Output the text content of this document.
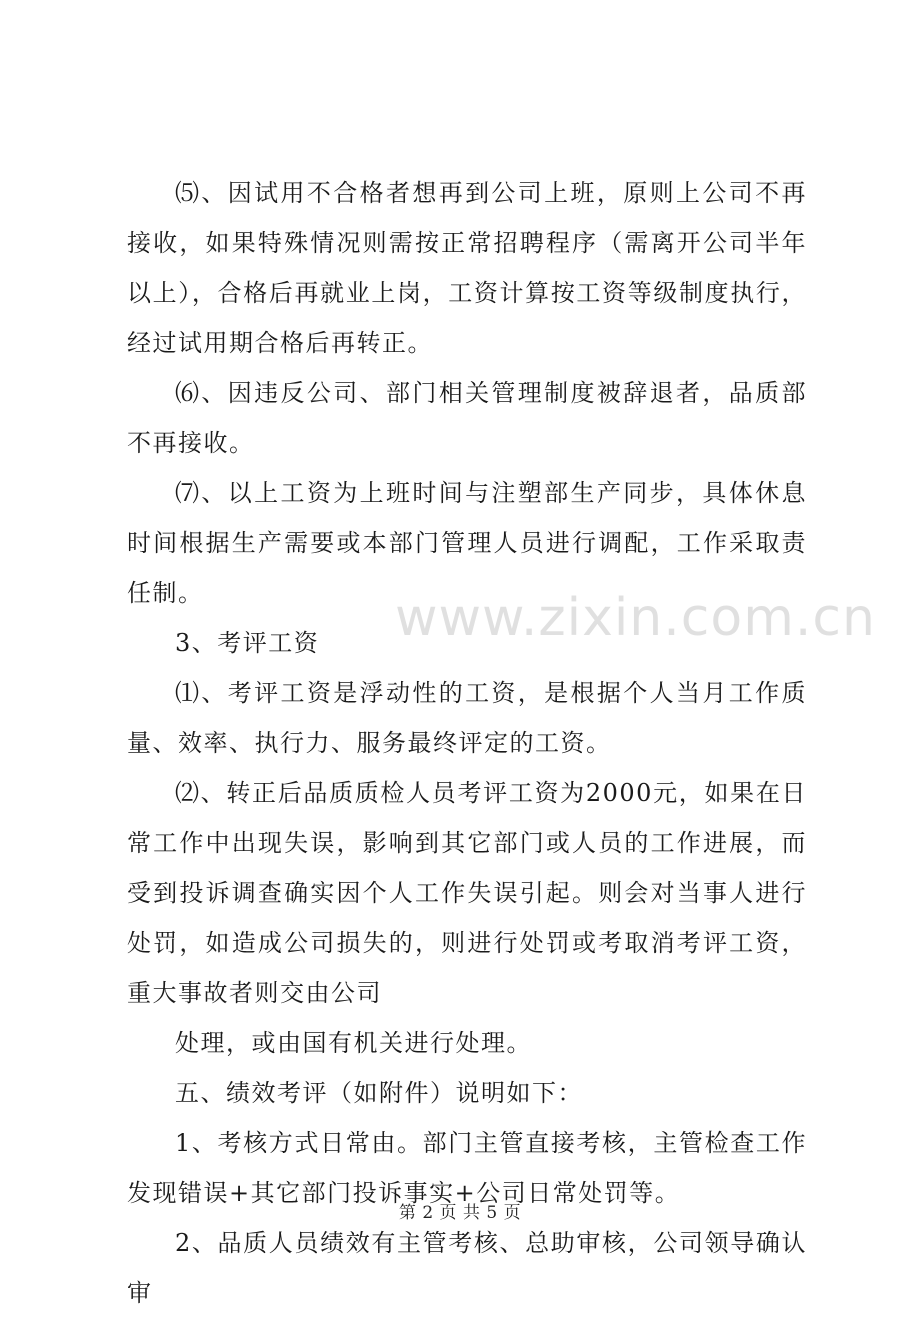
⑸、因试用不合格者想再到公司上班，原则上公司不再接收，如果特殊情况则需按正常招聘程序（需离开公司半年以上），合格后再就业上岗，工资计算按工资等级制度执行，经过试用期合格后再转正。

⑹、因违反公司、部门相关管理制度被辞退者，品质部不再接收。

⑺、以上工资为上班时间与注塑部生产同步，具体休息时间根据生产需要或本部门管理人员进行调配，工作采取责任制。

3、考评工资

⑴、考评工资是浮动性的工资，是根据个人当月工作质量、效率、执行力、服务最终评定的工资。

⑵、转正后品质质检人员考评工资为2000元，如果在日常工作中出现失误，影响到其它部门或人员的工作进展，而受到投诉调查确实因个人工作失误引起。则会对当事人进行处罚，如造成公司损失的，则进行处罚或考取消考评工资，重大事故者则交由公司

处理，或由国有机关进行处理。

五、绩效考评（如附件）说明如下：

1、考核方式日常由。部门主管直接考核，主管检查工作发现错误+其它部门投诉事实+公司日常处罚等。

2、品质人员绩效有主管考核、总助审核，公司领导确认审

www.zixin.com.cn
第 2 页 共 5 页
